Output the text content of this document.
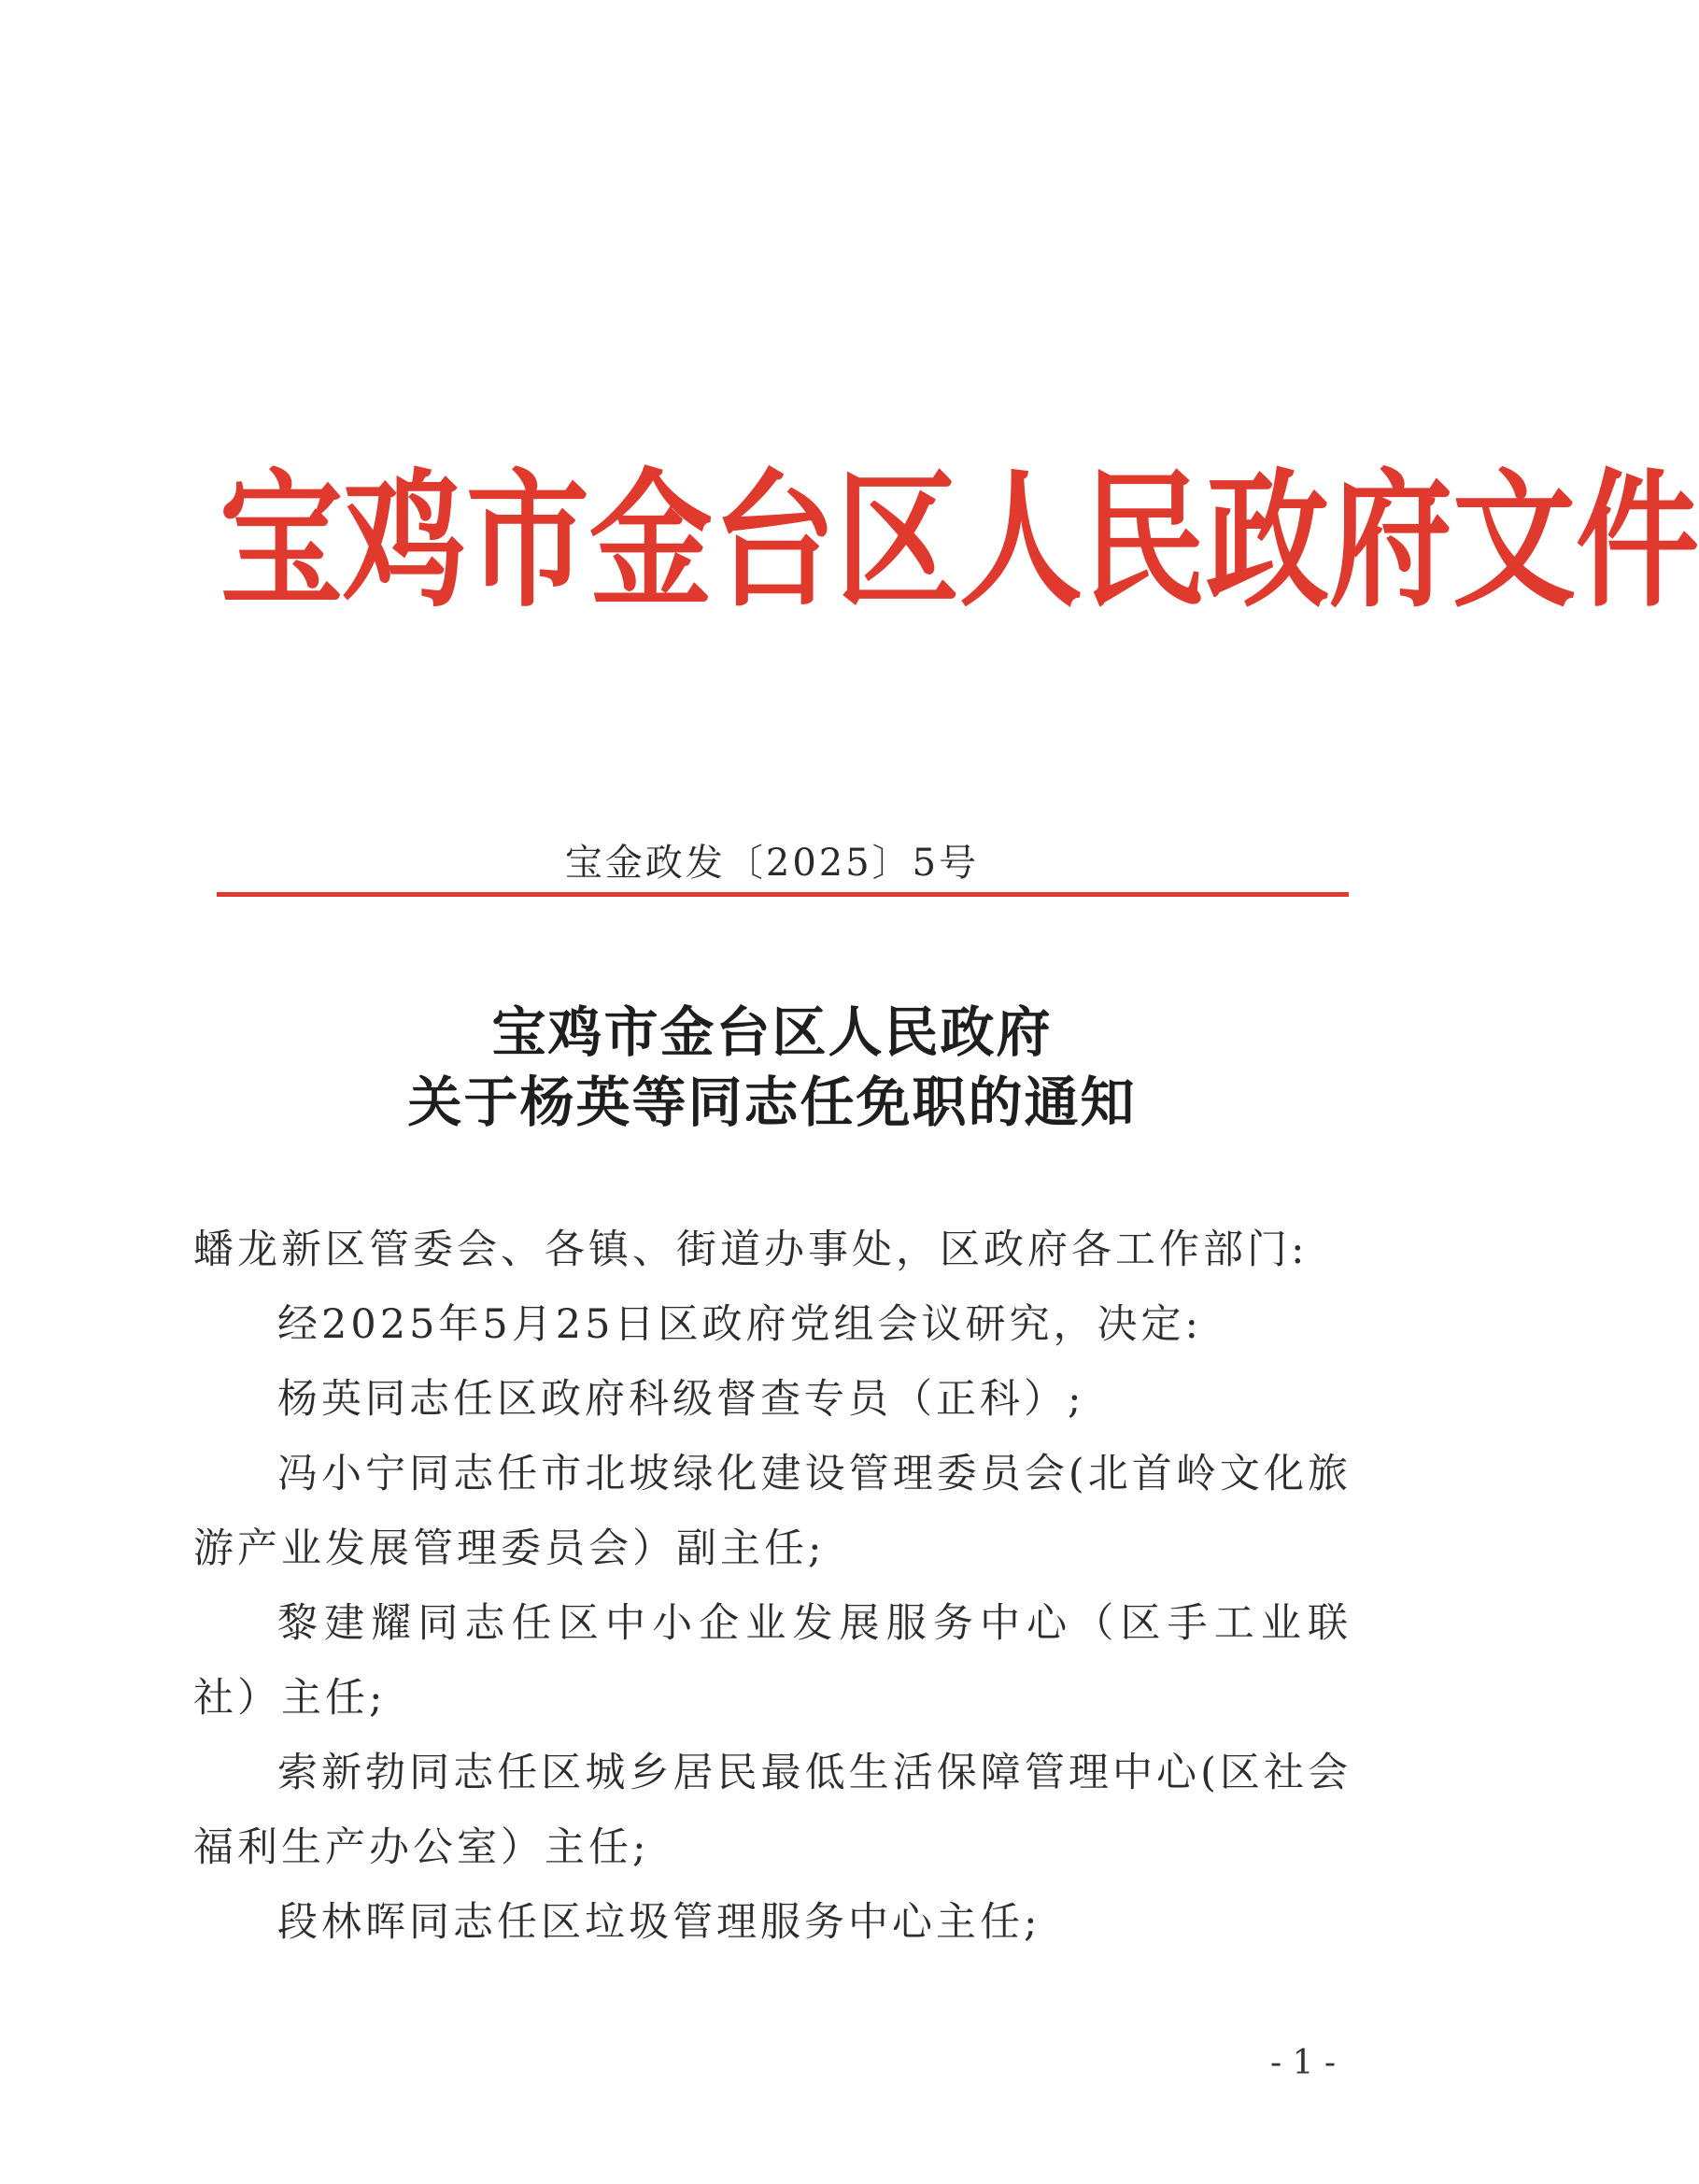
宝 鸡 市 金 台 区 人 民 政 府 文 件
宝金政发〔2025〕5号
宝鸡市金台区人民政府
关于杨英等同志任免职的通知

蟠龙新区管委会、各镇、街道办事处，区政府各工作部门:

经2025年5月25日区政府党组会议研究，决定:

杨英同志任区政府科级督查专员（正科）;

冯小宁同志任市北坡绿化建设管理委员会(北首岭文化旅游产业发展管理委员会）副主任;

黎建耀同志任区中小企业发展服务中心（区手工业联社）主任;

索新勃同志任区城乡居民最低生活保障管理中心(区社会福利生产办公室）主任;

段林晖同志任区垃圾管理服务中心主任;

- 1 -
